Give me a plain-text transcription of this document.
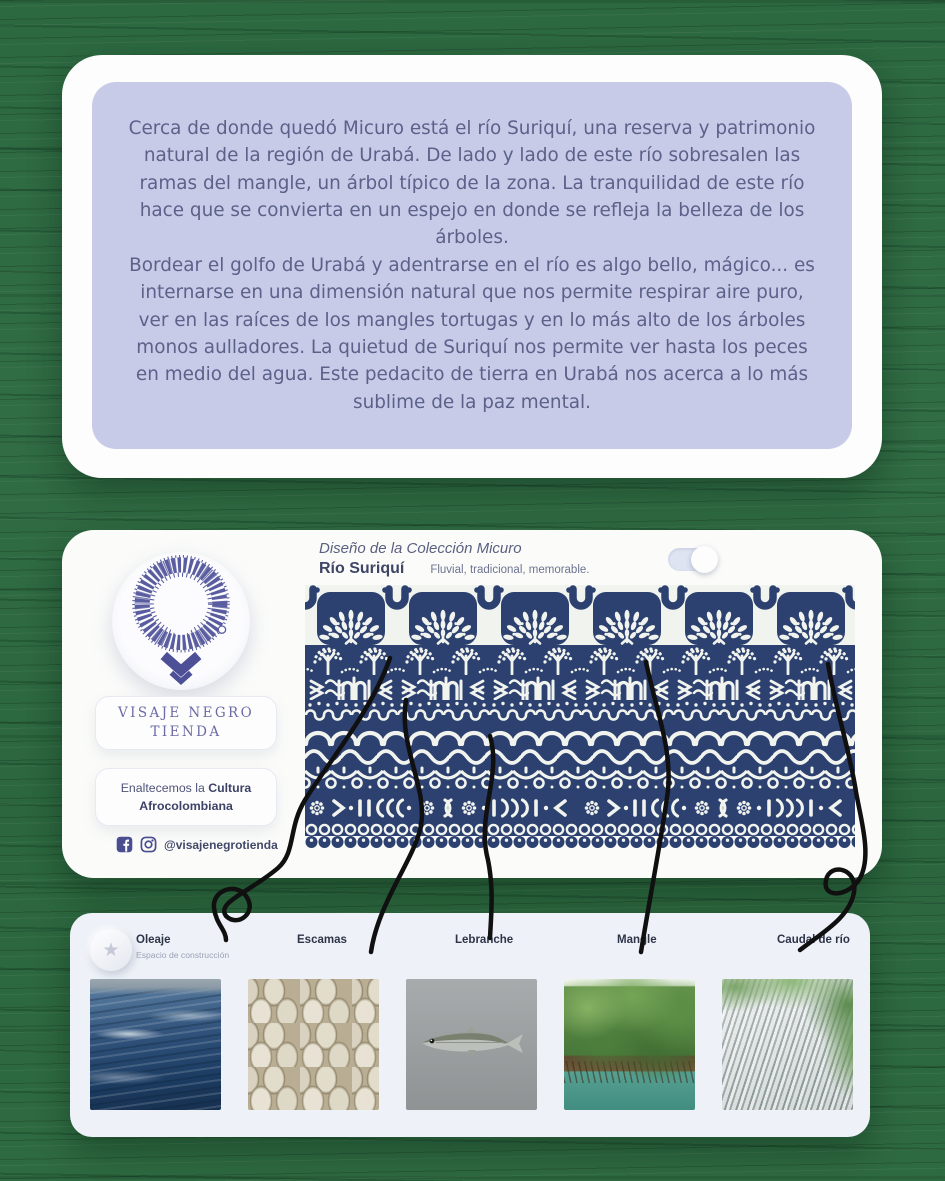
Cerca de donde quedó Micuro está el río Suriquí, una reserva y patrimonio natural de la región de Urabá. De lado y lado de este río sobresalen las ramas del mangle, un árbol típico de la zona. La tranquilidad de este río hace que se convierta en un espejo en donde se refleja la belleza de los árboles.

Bordear el golfo de Urabá y adentrarse en el río es algo bello, mágico... es internarse en una dimensión natural que nos permite respirar aire puro, ver en las raíces de los mangles tortugas y en lo más alto de los árboles monos aulladores. La quietud de Suriquí nos permite ver hasta los peces en medio del agua. Este pedacito de tierra en Urabá nos acerca a lo más sublime de la paz mental.

VISAJE NEGRO
TIENDA
Enaltecemos la Cultura
Afrocolombiana
@visajenegrotienda
Diseño de la Colección Micuro
Río Suriquí Fluvial, tradicional, memorable.
★ Oleaje
Espacio de construcción
Escamas	Lebranche	Mangle	Caudal de río
